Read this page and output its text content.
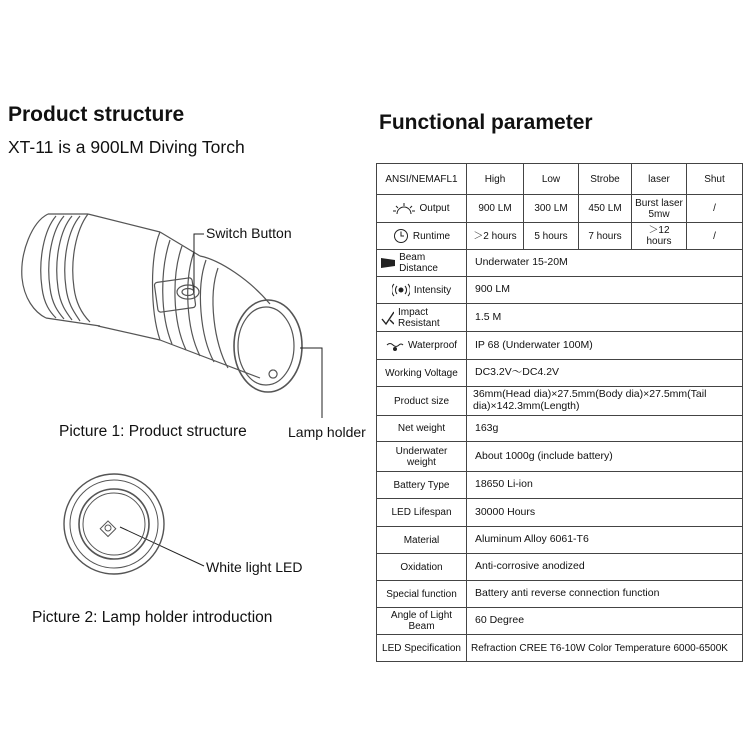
Product structure
XT-11 is a 900LM Diving Torch
Switch Button
Lamp holder
Picture 1: Product structure
White light LED
Picture 2: Lamp holder introduction
Functional parameter
ANSI/NEMAFL1	High	Low	Strobe	laser	Shut

Output	900 LM	300 LM	450 LM	Burst laser 5mw	/

Runtime	＞2 hours	5 hours	7 hours	＞12 hours	/

Beam Distance	Underwater 15-20M				

Intensity	900 LM				

Impact Resistant	1.5 M				

Waterproof	IP 68 (Underwater 100M)				
Working Voltage	DC3.2V～DC4.2V				
Product size	36mm(Head dia)×27.5mm(Body dia)×27.5mm(Tail dia)×142.3mm(Length)				
Net weight	163g				
Underwater weight	About 1000g (include battery)				
Battery Type	18650 Li-ion				
LED Lifespan	30000 Hours				
Material	Aluminum Alloy 6061-T6				
Oxidation	Anti-corrosive anodized				
Special function	Battery anti reverse connection function				
Angle of Light Beam	60 Degree				
LED Specification	Refraction CREE T6-10W Color Temperature 6000-6500K				
